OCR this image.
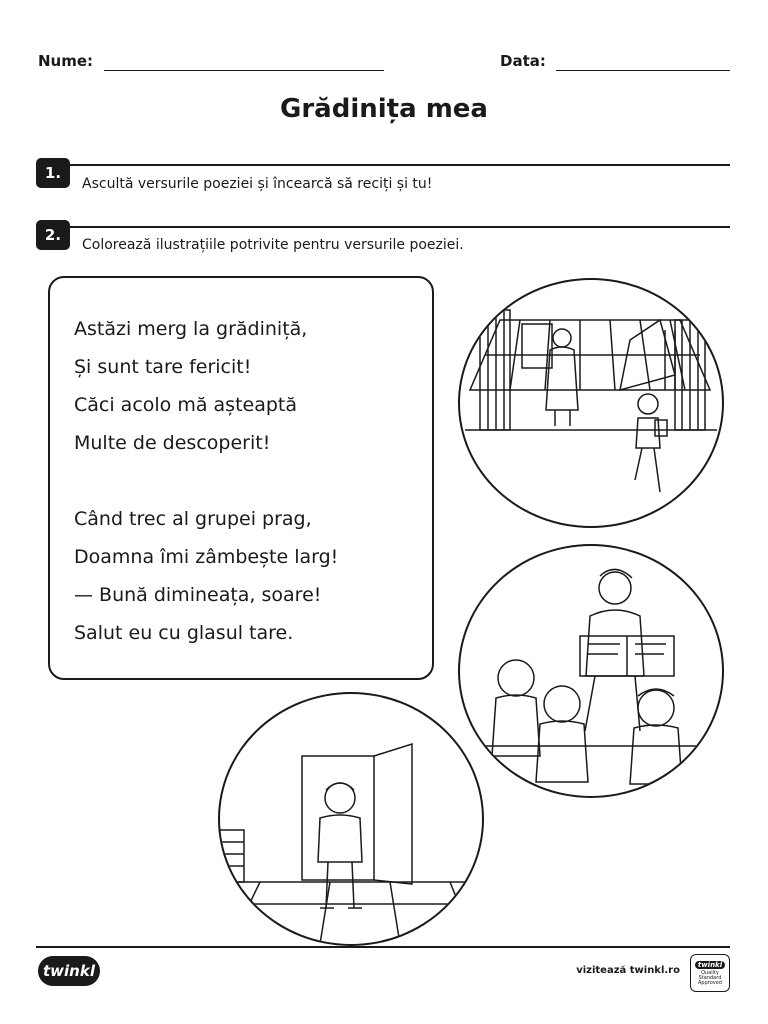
Nume:	Data:
Grădinița mea
1.
Ascultă versurile poeziei și încearcă să reciți și tu!
2.
Colorează ilustrațiile potrivite pentru versurile poeziei.
Astăzi merg la grădiniță,
Și sunt tare fericit!
Căci acolo mă așteaptă
Multe de descoperit!
Când trec al grupei prag,
Doamna îmi zâmbește larg!
— Bună dimineața, soare!
Salut eu cu glasul tare.
twinkl	vizitează twinkl.ro
twinkl
Quality Standard Approved
